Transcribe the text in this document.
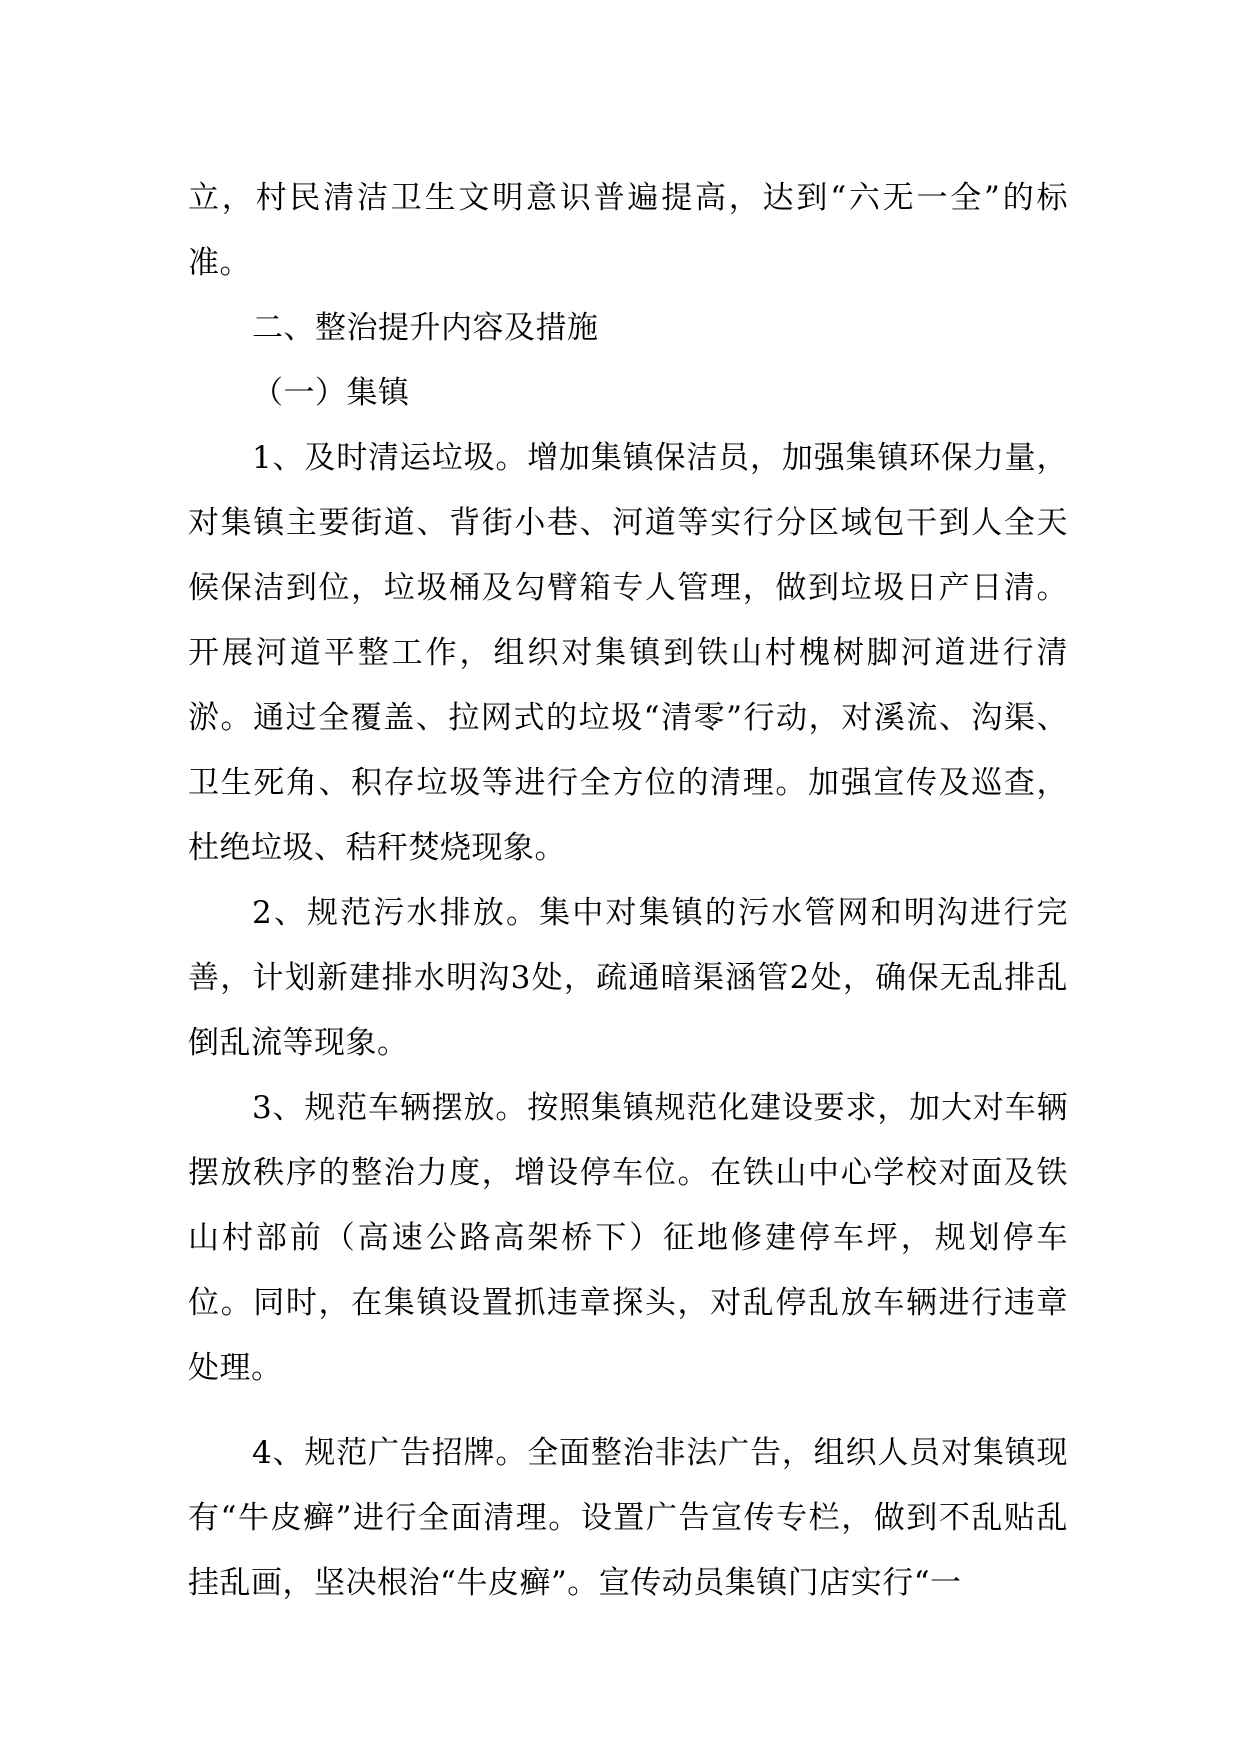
立，村民清洁卫生文明意识普遍提高，达到“六无一全”的标准。

二、整治提升内容及措施

（一）集镇

1、及时清运垃圾。增加集镇保洁员，加强集镇环保力量，对集镇主要街道、背街小巷、河道等实行分区域包干到人全天候保洁到位，垃圾桶及勾臂箱专人管理，做到垃圾日产日清。开展河道平整工作，组织对集镇到铁山村槐树脚河道进行清淤。通过全覆盖、拉网式的垃圾“清零”行动，对溪流、沟渠、卫生死角、积存垃圾等进行全方位的清理。加强宣传及巡查，杜绝垃圾、秸秆焚烧现象。

2、规范污水排放。集中对集镇的污水管网和明沟进行完善，计划新建排水明沟3处，疏通暗渠涵管2处，确保无乱排乱倒乱流等现象。

3、规范车辆摆放。按照集镇规范化建设要求，加大对车辆摆放秩序的整治力度，增设停车位。在铁山中心学校对面及铁山村部前（高速公路高架桥下）征地修建停车坪，规划停车位。同时，在集镇设置抓违章探头，对乱停乱放车辆进行违章处理。

4、规范广告招牌。全面整治非法广告，组织人员对集镇现有“牛皮癣”进行全面清理。设置广告宣传专栏，做到不乱贴乱挂乱画，坚决根治“牛皮癣”。宣传动员集镇门店实行“一
